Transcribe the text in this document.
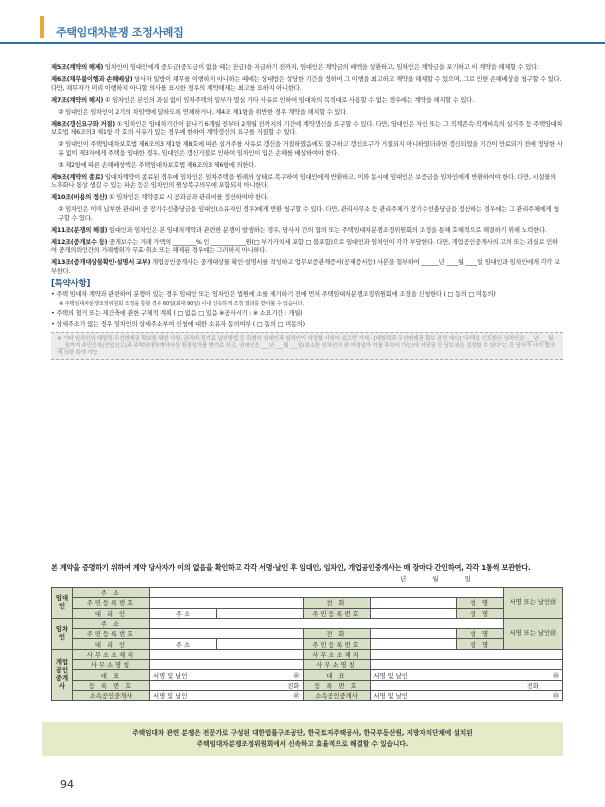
주택임대차분쟁 조정사례집

제5조(계약의 해제) 임차인이 임대인에게 중도금(중도금이 없을 때는 잔금)을 지급하기 전까지, 임대인은 계약금의 배액을 상환하고, 임차인은 계약금을 포기하고 이 계약을 해제할 수 있다.

제6조(채무불이행과 손해배상) 당사자 일방이 채무를 이행하지 아니하는 때에는 상대방은 상당한 기간을 정하여 그 이행을 최고하고 계약을 해제할 수 있으며, 그로 인한 손해배상을 청구할 수 있다. 다만, 채무자가 미리 이행하지 아니할 의사를 표시한 경우의 계약해제는 최고를 요하지 아니한다.

제7조(계약의 해지) ① 임차인은 본인의 과실 없이 임차주택의 일부가 멸실 기타 사유로 인하여 임대차의 목적대로 사용할 수 없는 경우에는 계약을 해지할 수 있다.

② 임대인은 임차인이 2기의 차임액에 달하도록 연체하거나, 제4조 제1항을 위반한 경우 계약을 해지할 수 있다.

제8조(갱신요구와 거절) ① 임차인은 임대차기간이 끝나기 6개월 전부터 2개월 전까지의 기간에 계약갱신을 요구할 수 있다. 다만, 임대인은 자신 또는 그 직계존속·직계비속의 실거주 등 주택임대차보호법 제6조의3 제1항 각 호의 사유가 있는 경우에 한하여 계약갱신의 요구를 거절할 수 있다.

② 임대인이 주택임대차보호법 제6조의3 제1항 제8호에 따른 실거주를 사유로 갱신을 거절하였음에도 불구하고 갱신요구가 거절되지 아니하였더라면 갱신되었을 기간이 만료되기 전에 정당한 사유 없이 제3자에게 주택을 임대한 경우, 임대인은 갱신거절로 인하여 임차인이 입은 손해를 배상하여야 한다.

③ 제2항에 따른 손해배상액은 주택임대차보호법 제6조의3 제6항에 의한다.

제9조(계약의 종료) 임대차계약이 종료된 경우에 임차인은 임차주택을 원래의 상태로 복구하여 임대인에게 반환하고, 이와 동시에 임대인은 보증금을 임차인에게 반환하여야 한다. 다만, 시설물의 노후화나 통상 생길 수 있는 파손 등은 임차인의 원상복구의무에 포함되지 아니한다.

제10조(비용의 정산) ① 임차인은 계약종료 시 공과금과 관리비를 정산하여야 한다.

② 임차인은 이미 납부한 관리비 중 장기수선충당금을 임대인(소유자인 경우)에게 반환 청구할 수 있다. 다만, 관리사무소 등 관리주체가 장기수선충당금을 정산하는 경우에는 그 관리주체에게 청구할 수 있다.

제11조(분쟁의 해결) 임대인과 임차인은 본 임대차계약과 관련한 분쟁이 발생하는 경우, 당사자 간의 협의 또는 주택임대차분쟁조정위원회의 조정을 통해 호혜적으로 해결하기 위해 노력한다.

제12조(중개보수 등) 중개보수는 거래 가액의 ________% 인 ____________원(□ 부가가치세 포함 □ 불포함)으로 임대인과 임차인이 각각 부담한다. 다만, 개업공인중개사의 고의 또는 과실로 인하여 중개의뢰인간의 거래행위가 무효·취소 또는 해제된 경우에는 그러하지 아니하다.

제13조(중개대상물확인·설명서 교부) 개업공인중개사는 중개대상물 확인·설명서를 작성하고 업무보증관계증서(공제증서등) 사본을 첨부하여 ______년 ____월 ____일 임대인과 임차인에게 각각 교부한다.

[특약사항]
• 주택 임대차 계약과 관련하여 분쟁이 있는 경우 임대인 또는 임차인은 법원에 소를 제기하기 전에 먼저 주택임대차분쟁조정위원회에 조정을 신청한다 ( □ 동의 □ 미동의)
※ 주택임대차분쟁조정위원회 조정을 통할 경우 60일(최대 90일) 이내 신속하게 조정 결과를 받아볼 수 있습니다.
• 주택의 철거 또는 재건축에 관한 구체적 계획 ( □ 없음 □ 있음 ※공사시기 : ※ 소요기간 : 개월)
• 상세주소가 없는 경우 임차인의 상세주소부여 신청에 대한 소유자 동의여부 ( □ 동의 □ 미동의)
※ 기타 임차인의 대항력·우선변제권 확보를 위한 사항, 관리비·전기료 납부방법 등 특별히 임대인과 임차인이 약정할 사항이 있으면 기재 - [대항력과 우선변제권 확보 관련 예시] "주택을 인도받은 임차인은 ___년 ___월 ___일까지 주민등록(전입신고)과 주택임대차계약서상 확정일자를 받기로 하고, 임대인은 ___년 ___월 ___일(최소한 임차인의 위 약정일자 이틀 후부터 가능)에 저당권 등 담보권을 설정할 수 있다"는 등 당사자 사이 합의에 의한 특약 가능
본 계약을 증명하기 위하여 계약 당사자가 이의 없음을 확인하고 각각 서명·날인 후 임대인, 임차인, 개업공인중개사는 매 장마다 간인하여, 각각 1통씩 보관한다.
년	월	일
임대인	주 소						서명 또는 날인㊞
	주민등록번호			전 화		성 명	
	대 리 인	주 소		주민등록번호		성 명	
임차인	주 소						서명 또는 날인㊞
	주민등록번호			전 화		성 명	
	대 리 인	주 소		주민등록번호		성 명	
개업공인중개사	사무소소재지			사무소소재지			
	사무소명칭			사무소명칭			
	대 표	서명 및 날인 ㊞		대 표	서명 및 날인 ㊞		

	등 록 번 호	전화		등 록 번 호	전화		

	소속공인중개사	서명 및 날인 ㊞		소속공인중개사	서명 및 날인 ㊞		
주택임대차 관련 분쟁은 전문가로 구성된 대한법률구조공단, 한국토지주택공사, 한국부동산원, 지방자치단체에 설치된
주택임대차분쟁조정위원회에서 신속하고 효율적으로 해결할 수 있습니다.
94
